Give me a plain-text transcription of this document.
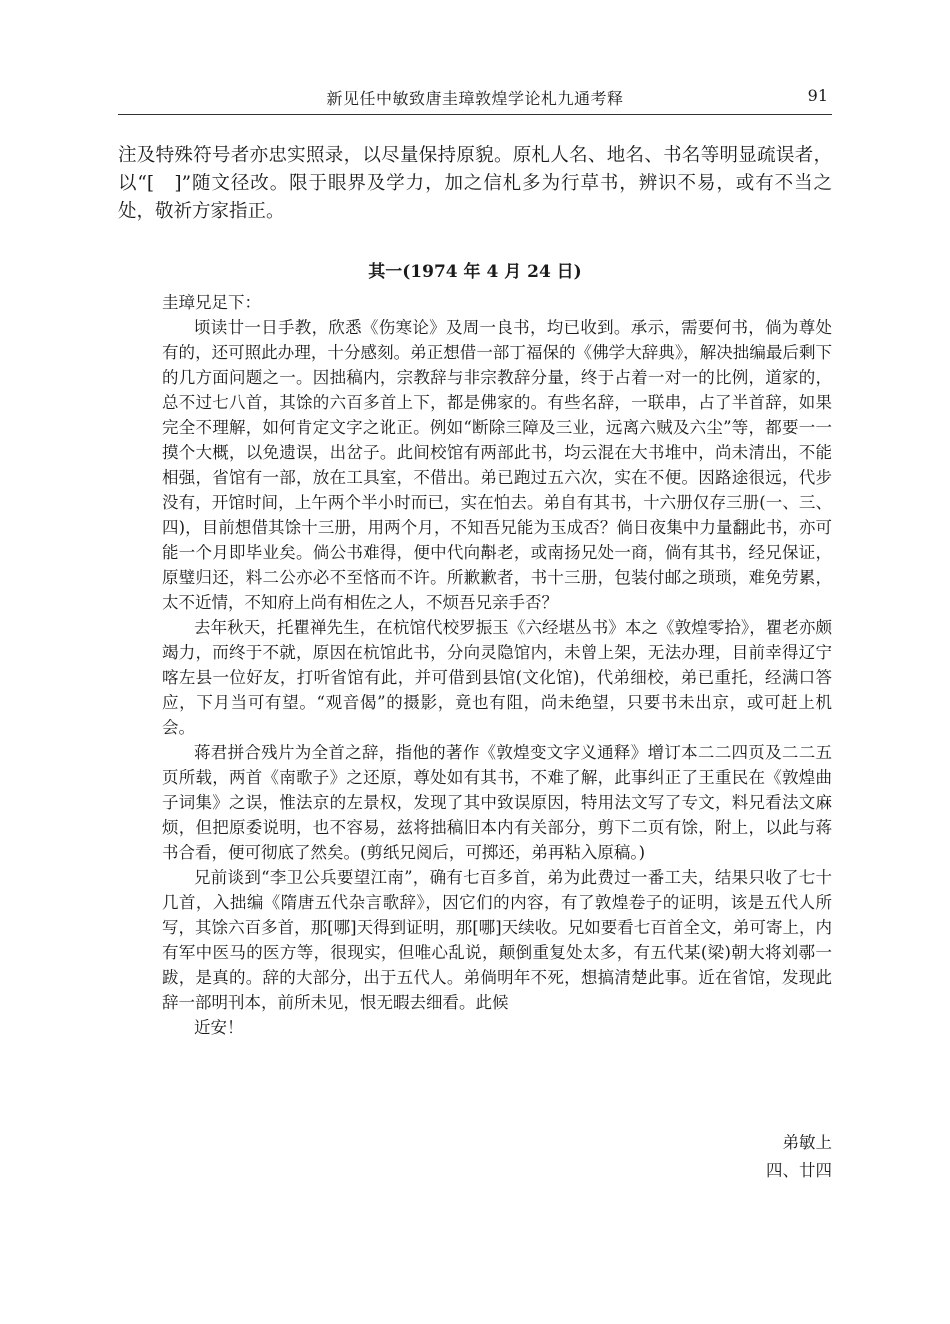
新见任中敏致唐圭璋敦煌学论札九通考释	91

注及特殊符号者亦忠实照录，以尽量保持原貌。原札人名、地名、书名等明显疏误者，以“[　]”随文径改。限于眼界及学力，加之信札多为行草书，辨识不易，或有不当之处，敬祈方家指正。

其一(1974 年 4 月 24 日)

圭璋兄足下：

顷读廿一日手教，欣悉《伤寒论》及周一良书，均已收到。承示，需要何书，倘为尊处有的，还可照此办理，十分感刻。弟正想借一部丁福保的《佛学大辞典》，解决拙编最后剩下的几方面问题之一。因拙稿内，宗教辞与非宗教辞分量，终于占着一对一的比例，道家的，总不过七八首，其馀的六百多首上下，都是佛家的。有些名辞，一联串，占了半首辞，如果完全不理解，如何肯定文字之讹正。例如“断除三障及三业，远离六贼及六尘”等，都要一一摸个大概，以免遗误，出岔子。此间校馆有两部此书，均云混在大书堆中，尚未清出，不能相强，省馆有一部，放在工具室，不借出。弟已跑过五六次，实在不便。因路途很远，代步没有，开馆时间，上午两个半小时而已，实在怕去。弟自有其书，十六册仅存三册(一、三、四)，目前想借其馀十三册，用两个月，不知吾兄能为玉成否？倘日夜集中力量翻此书，亦可能一个月即毕业矣。倘公书难得，便中代向斠老，或南扬兄处一商，倘有其书，经兄保证，原璧归还，料二公亦必不至悋而不许。所歉歉者，书十三册，包装付邮之琐琐，难免劳累，太不近情，不知府上尚有相佐之人，不烦吾兄亲手否？

去年秋天，托瞿禅先生，在杭馆代校罗振玉《六经堪丛书》本之《敦煌零拾》，瞿老亦颇竭力，而终于不就，原因在杭馆此书，分向灵隐馆内，未曾上架，无法办理，目前幸得辽宁喀左县一位好友，打听省馆有此，并可借到县馆(文化馆)，代弟细校，弟已重托，经满口答应，下月当可有望。“观音偈”的摄影，竟也有阻，尚未绝望，只要书未出京，或可赶上机会。

蒋君拼合残片为全首之辞，指他的著作《敦煌变文字义通释》增订本二二四页及二二五页所载，两首《南歌子》之还原，尊处如有其书，不难了解，此事纠正了王重民在《敦煌曲子词集》之误，惟法京的左景权，发现了其中致误原因，特用法文写了专文，料兄看法文麻烦，但把原委说明，也不容易，兹将拙稿旧本内有关部分，剪下二页有馀，附上，以此与蒋书合看，便可彻底了然矣。(剪纸兄阅后，可掷还，弟再粘入原稿。)

兄前谈到“李卫公兵要望江南”，确有七百多首，弟为此费过一番工夫，结果只收了七十几首，入拙编《隋唐五代杂言歌辞》，因它们的内容，有了敦煌卷子的证明，该是五代人所写，其馀六百多首，那[哪]天得到证明，那[哪]天续收。兄如要看七百首全文，弟可寄上，内有军中医马的医方等，很现实，但唯心乱说，颠倒重复处太多，有五代某(梁)朝大将刘鄩一跋，是真的。辞的大部分，出于五代人。弟倘明年不死，想搞清楚此事。近在省馆，发现此辞一部明刊本，前所未见，恨无暇去细看。此候

近安！

弟敏上

四、廿四
